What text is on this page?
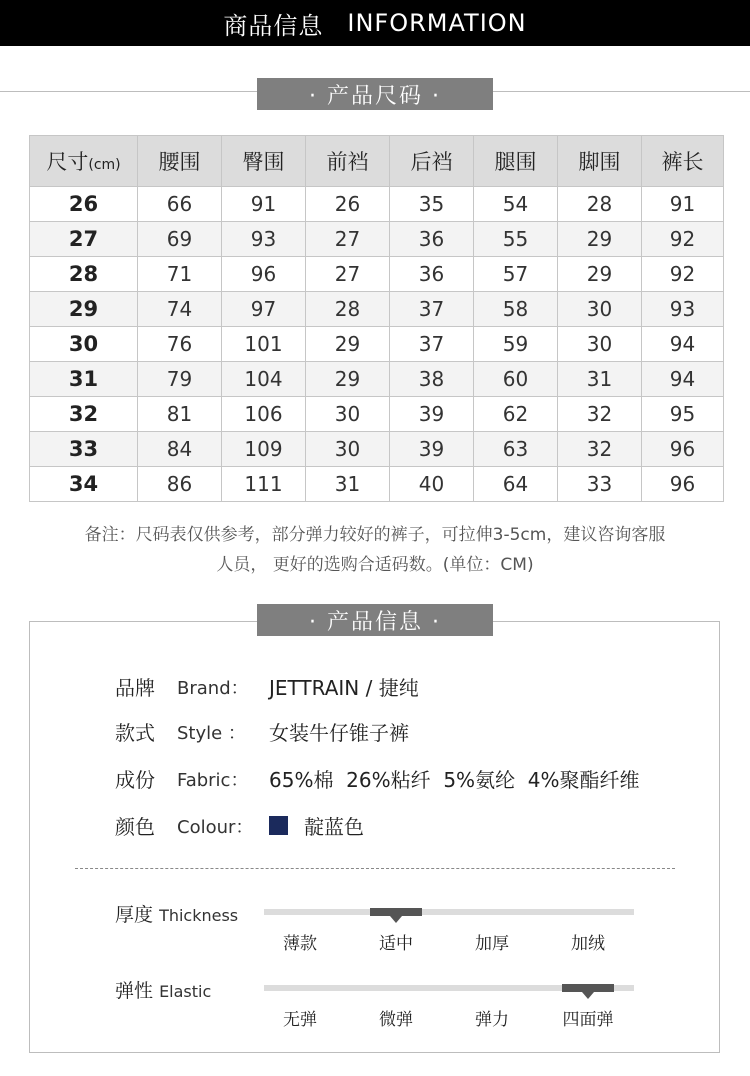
商品信息 INFORMATION
· 产品尺码 ·
尺寸(cm)	腰围	臀围	前裆	后裆	腿围	脚围	裤长
26	66	91	26	35	54	28	91
27	69	93	27	36	55	29	92
28	71	96	27	36	57	29	92
29	74	97	28	37	58	30	93
30	76	101	29	37	59	30	94
31	79	104	29	38	60	31	94
32	81	106	30	39	62	32	95
33	84	109	30	39	63	32	96
34	86	111	31	40	64	33	96
备注：尺码表仅供参考，部分弹力较好的裤子，可拉伸3-5cm，建议咨询客服
人员， 更好的选购合适码数。(单位：CM)
· 产品信息 ·
品牌	Brand：	JETTRAIN / 捷纯
款式	Style ：	女装牛仔锥子裤
成份	Fabric：	65%棉  26%粘纤  5%氨纶  4%聚酯纤维
颜色	Colour：	靛蓝色
厚度 Thickness
薄款	适中	加厚	加绒
弹性 Elastic
无弹	微弹	弹力	四面弹
